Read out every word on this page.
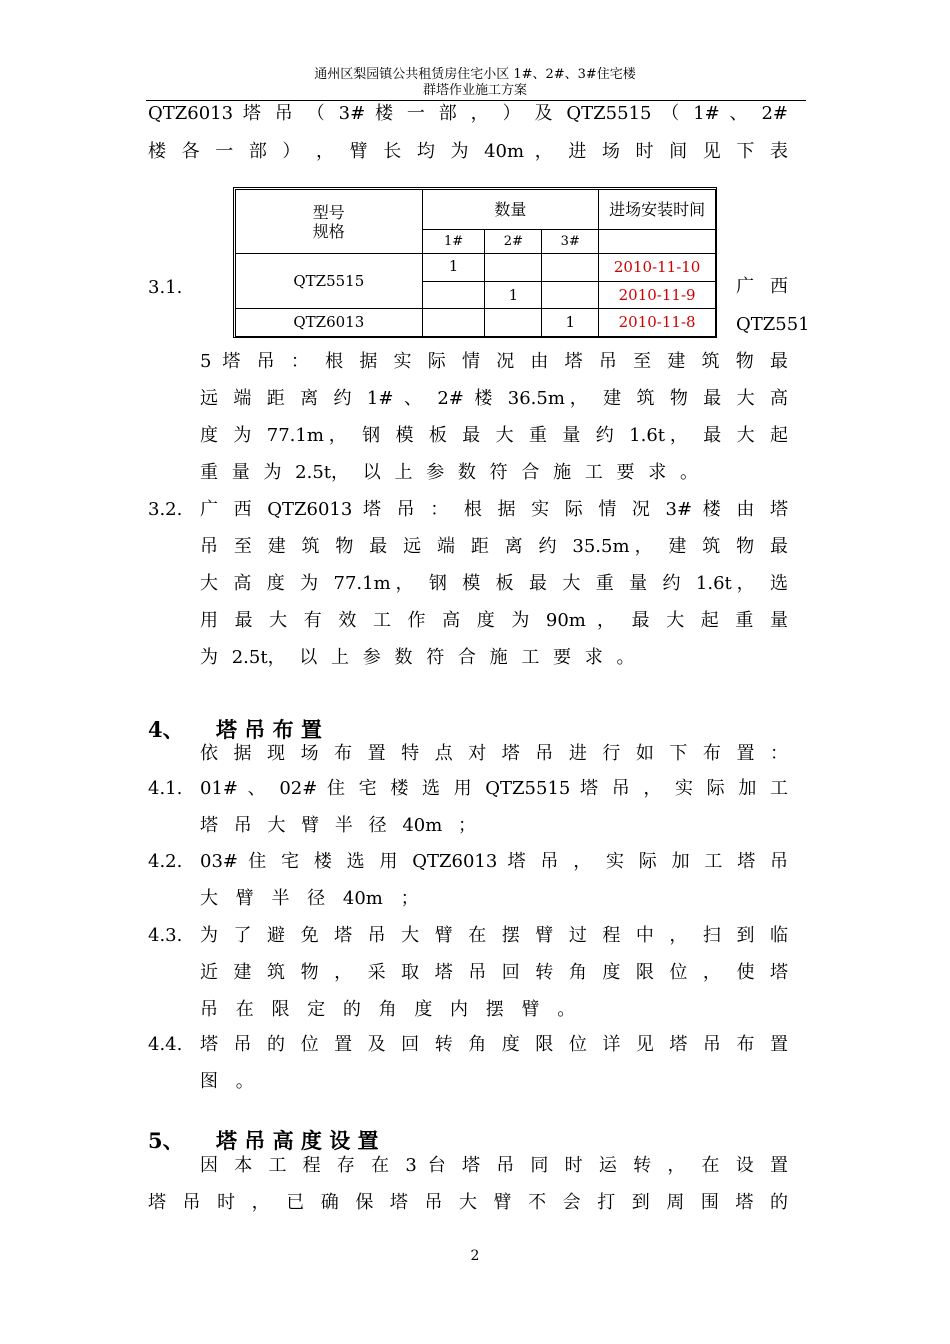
通州区梨园镇公共租赁房住宅小区 1#、2#、3#住宅楼
群塔作业施工方案
QTZ6013 塔 吊 （ 3# 楼 一 部 ， ） 及 QTZ5515 （ 1# 、 2#
楼 各 一 部 ） ， 臂 长 均 为 40m ， 进 场 时 间 见 下 表
型号
规格	数量			进场安装时间
	1#	2#	3#	
QTZ5515	1			2010-11-10
		1		2010-11-9
QTZ6013			1	2010-11-8
3.1.	广 西
QTZ551
5 塔 吊 ： 根 据 实 际 情 况 由 塔 吊 至 建 筑 物 最
远 端 距 离 约 1# 、 2# 楼 36.5m， 建 筑 物 最 大 高
度 为 77.1m， 钢 模 板 最 大 重 量 约 1.6t， 最 大 起
重 量 为 2.5t， 以 上 参 数 符 合 施 工 要 求 。
3.2. 广 西 QTZ6013 塔 吊 ： 根 据 实 际 情 况 3# 楼 由 塔
吊 至 建 筑 物 最 远 端 距 离 约 35.5m， 建 筑 物 最
大 高 度 为 77.1m， 钢 模 板 最 大 重 量 约 1.6t， 选
用 最 大 有 效 工 作 高 度 为 90m ， 最 大 起 重 量
为 2.5t， 以 上 参 数 符 合 施 工 要 求 。
4、 塔 吊 布 置
依 据 现 场 布 置 特 点 对 塔 吊 进 行 如 下 布 置 ：
4.1. 01# 、 02# 住 宅 楼 选 用 QTZ5515 塔 吊 ， 实 际 加 工
塔 吊 大 臂 半 径 40m ；
4.2. 03# 住 宅 楼 选 用 QTZ6013 塔 吊 ， 实 际 加 工 塔 吊
大 臂 半 径 40m ；
4.3. 为 了 避 免 塔 吊 大 臂 在 摆 臂 过 程 中 ， 扫 到 临
近 建 筑 物 ， 采 取 塔 吊 回 转 角 度 限 位 ， 使 塔
吊 在 限 定 的 角 度 内 摆 臂 。
4.4. 塔 吊 的 位 置 及 回 转 角 度 限 位 详 见 塔 吊 布 置
图 。
5、 塔 吊 高 度 设 置
因 本 工 程 存 在 3 台 塔 吊 同 时 运 转 ， 在 设 置
塔 吊 时 ， 已 确 保 塔 吊 大 臂 不 会 打 到 周 围 塔 的
2
